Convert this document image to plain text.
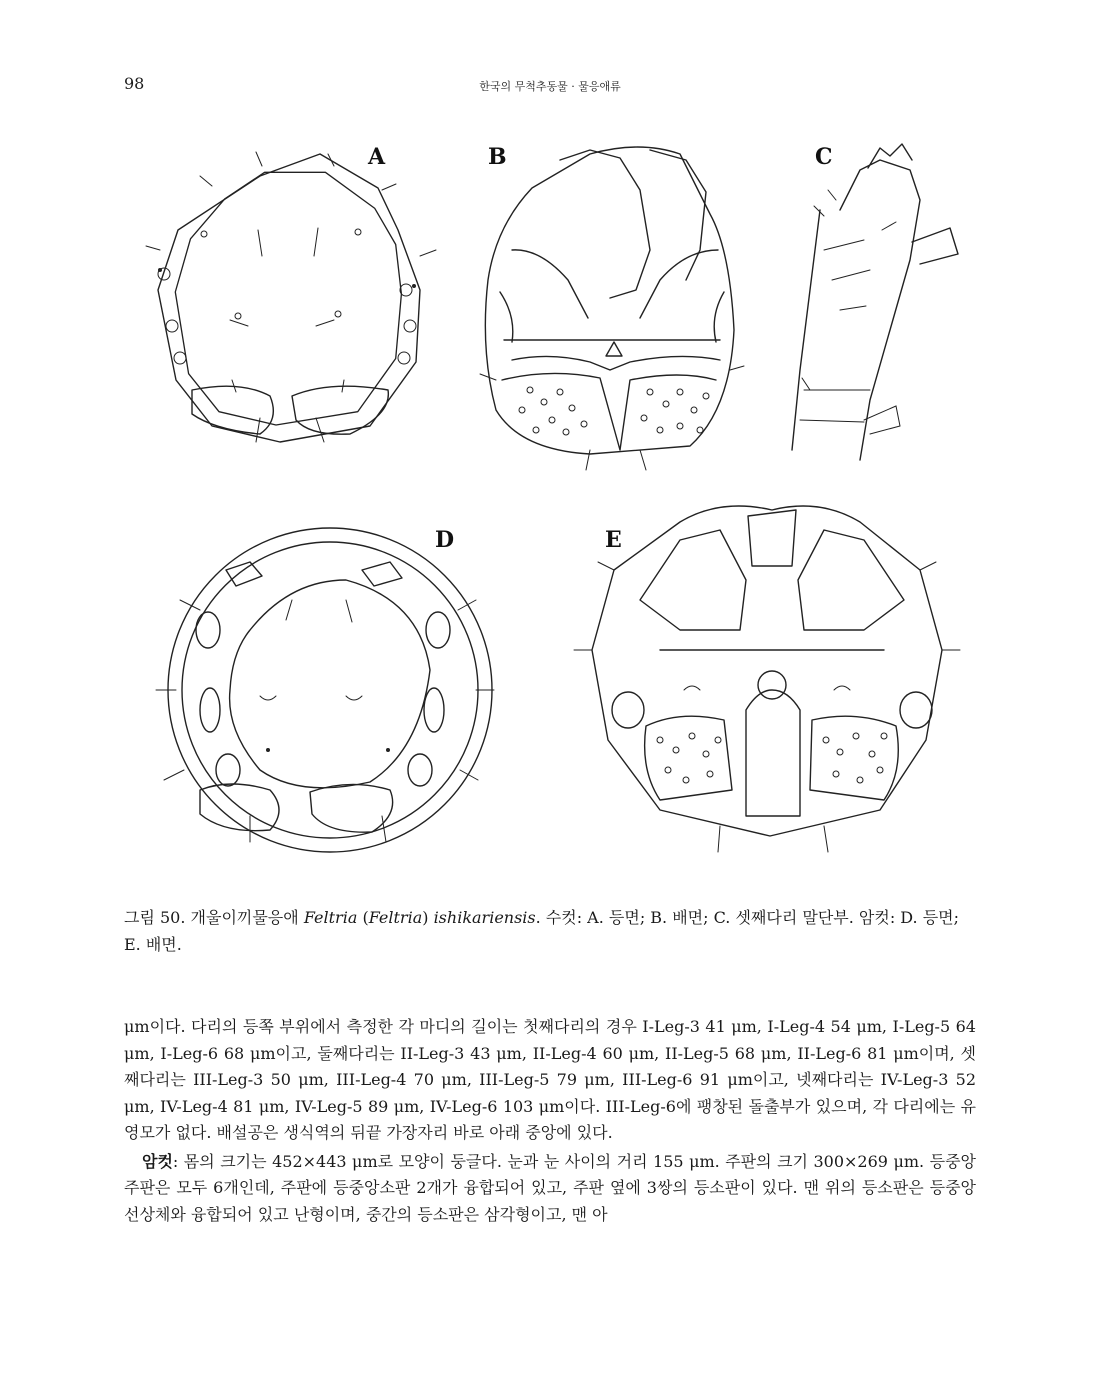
98	한국의 무척추동물 · 물응애류
A	B	C
D	E
그림 50. 개울이끼물응애 Feltria (Feltria) ishikariensis. 수컷: A. 등면; B. 배면; C. 셋째다리 말단부. 암컷: D. 등면; E. 배면.

μm이다. 다리의 등쪽 부위에서 측정한 각 마디의 길이는 첫째다리의 경우 I-Leg-3 41 μm, I-Leg-4 54 μm, I-Leg-5 64 μm, I-Leg-6 68 μm이고, 둘째다리는 II-Leg-3 43 μm, II-Leg-4 60 μm, II-Leg-5 68 μm, II-Leg-6 81 μm이며, 셋째다리는 III-Leg-3 50 μm, III-Leg-4 70 μm, III-Leg-5 79 μm, III-Leg-6 91 μm이고, 넷째다리는 IV-Leg-3 52 μm, IV-Leg-4 81 μm, IV-Leg-5 89 μm, IV-Leg-6 103 μm이다. III-Leg-6에 팽창된 돌출부가 있으며, 각 다리에는 유영모가 없다. 배설공은 생식역의 뒤끝 가장자리 바로 아래 중앙에 있다.

암컷: 몸의 크기는 452×443 μm로 모양이 둥글다. 눈과 눈 사이의 거리 155 μm. 주판의 크기 300×269 μm. 등중앙주판은 모두 6개인데, 주판에 등중앙소판 2개가 융합되어 있고, 주판 옆에 3쌍의 등소판이 있다. 맨 위의 등소판은 등중앙선상체와 융합되어 있고 난형이며, 중간의 등소판은 삼각형이고, 맨 아
